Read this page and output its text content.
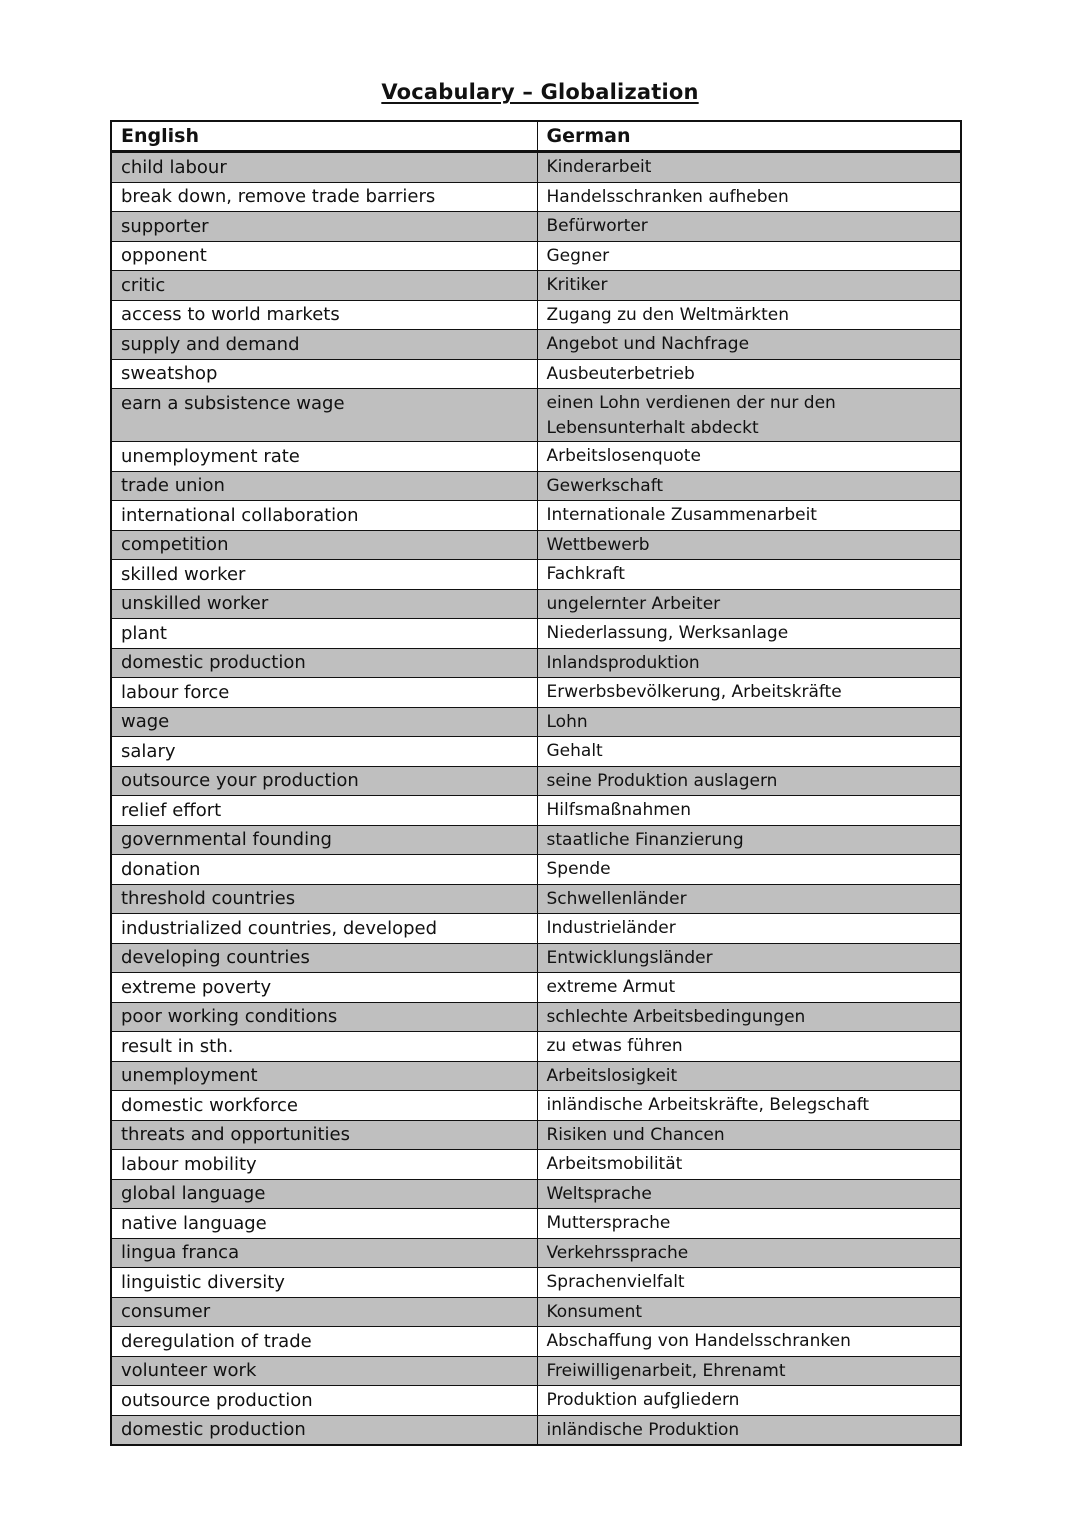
Vocabulary – Globalization
English	German
child labour	Kinderarbeit
break down, remove trade barriers	Handelsschranken aufheben
supporter	Befürworter
opponent	Gegner
critic	Kritiker
access to world markets	Zugang zu den Weltmärkten
supply and demand	Angebot und Nachfrage
sweatshop	Ausbeuterbetrieb
earn a subsistence wage	einen Lohn verdienen der nur den Lebensunterhalt abdeckt
unemployment rate	Arbeitslosenquote
trade union	Gewerkschaft
international collaboration	Internationale Zusammenarbeit
competition	Wettbewerb
skilled worker	Fachkraft
unskilled worker	ungelernter Arbeiter
plant	Niederlassung, Werksanlage
domestic production	Inlandsproduktion
labour force	Erwerbsbevölkerung, Arbeitskräfte
wage	Lohn
salary	Gehalt
outsource your production	seine Produktion auslagern
relief effort	Hilfsmaßnahmen
governmental founding	staatliche Finanzierung
donation	Spende
threshold countries	Schwellenländer
industrialized countries, developed	Industrieländer
developing countries	Entwicklungsländer
extreme poverty	extreme Armut
poor working conditions	schlechte Arbeitsbedingungen
result in sth.	zu etwas führen
unemployment	Arbeitslosigkeit
domestic workforce	inländische Arbeitskräfte, Belegschaft
threats and opportunities	Risiken und Chancen
labour mobility	Arbeitsmobilität
global language	Weltsprache
native language	Muttersprache
lingua franca	Verkehrssprache
linguistic diversity	Sprachenvielfalt
consumer	Konsument
deregulation of trade	Abschaffung von Handelsschranken
volunteer work	Freiwilligenarbeit, Ehrenamt
outsource production	Produktion aufgliedern
domestic production	inländische Produktion
